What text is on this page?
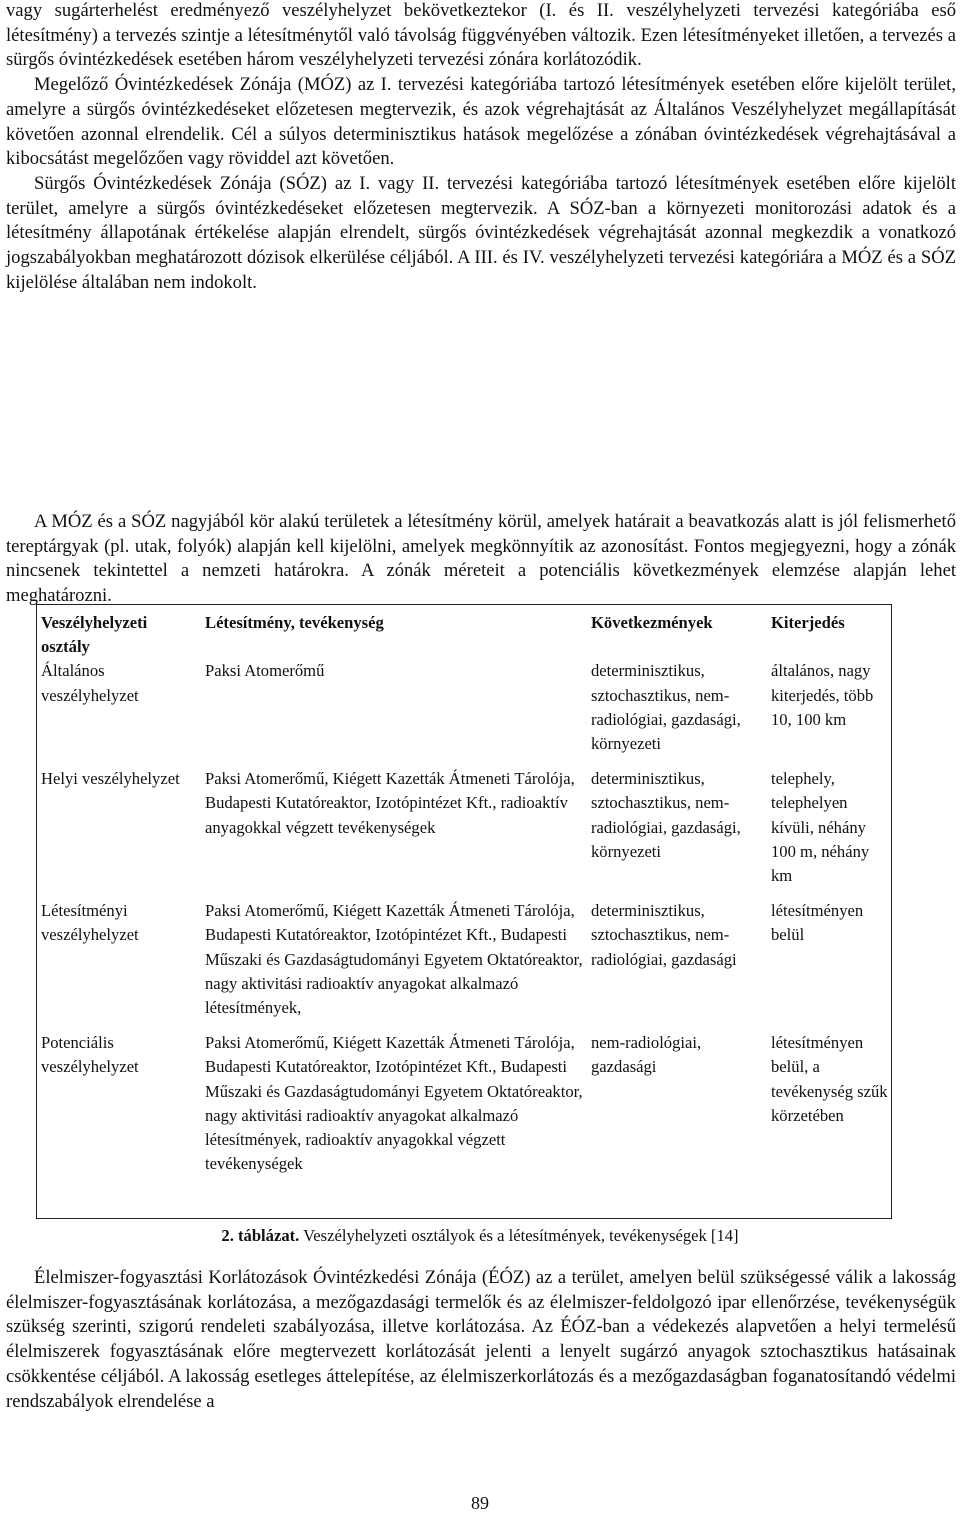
vagy sugárterhelést eredményező veszélyhelyzet bekövetkeztekor (I. és II. veszélyhelyzeti tervezési kategóriába eső létesítmény) a tervezés szintje a létesítménytől való távolság függvényében változik. Ezen létesítményeket illetően, a tervezés a sürgős óvintézkedések esetében három veszélyhelyzeti tervezési zónára korlátozódik.
Megelőző Óvintézkedések Zónája (MÓZ) az I. tervezési kategóriába tartozó létesítmények esetében előre kijelölt terület, amelyre a sürgős óvintézkedéseket előzetesen megtervezik, és azok végrehajtását az Általános Veszélyhelyzet megállapítását követően azonnal elrendelik. Cél a súlyos determinisztikus hatások megelőzése a zónában óvintézkedések végrehajtásával a kibocsátást megelőzően vagy röviddel azt követően.
Sürgős Óvintézkedések Zónája (SÓZ) az I. vagy II. tervezési kategóriába tartozó létesítmények esetében előre kijelölt terület, amelyre a sürgős óvintézkedéseket előzetesen megtervezik. A SÓZ-ban a környezeti monitorozási adatok és a létesítmény állapotának értékelése alapján elrendelt, sürgős óvintézkedések végrehajtását azonnal megkezdik a vonatkozó jogszabályokban meghatározott dózisok elkerülése céljából. A III. és IV. veszélyhelyzeti tervezési kategóriára a MÓZ és a SÓZ kijelölése általában nem indokolt.

A MÓZ és a SÓZ nagyjából kör alakú területek a létesítmény körül, amelyek határait a beavatkozás alatt is jól felismerhető tereptárgyak (pl. utak, folyók) alapján kell kijelölni, amelyek megkönnyítik az azonosítást. Fontos megjegyezni, hogy a zónák nincsenek tekintettel a nemzeti határokra. A zónák méreteit a potenciális következmények elemzése alapján lehet meghatározni.

Veszélyhelyzeti osztály	Létesítmény, tevékenység	Következmények	Kiterjedés
Általános veszélyhelyzet	Paksi Atomerőmű	determinisztikus, sztochasztikus, nem-radiológiai, gazdasági, környezeti	általános, nagy kiterjedés, több 10, 100 km
Helyi veszélyhelyzet	Paksi Atomerőmű, Kiégett Kazetták Átmeneti Tárolója, Budapesti Kutatóreaktor, Izotópintézet Kft., radioaktív anyagokkal végzett tevékenységek	determinisztikus, sztochasztikus, nem-radiológiai, gazdasági, környezeti	telephely, telephelyen kívüli, néhány 100 m, néhány km
Létesítményi veszélyhelyzet	Paksi Atomerőmű, Kiégett Kazetták Átmeneti Tárolója, Budapesti Kutatóreaktor, Izotópintézet Kft., Budapesti Műszaki és Gazdaságtudományi Egyetem Oktatóreaktor, nagy aktivitási radioaktív anyagokat alkalmazó létesítmények,	determinisztikus, sztochasztikus, nem-radiológiai, gazdasági	létesítményen belül
Potenciális veszélyhelyzet	Paksi Atomerőmű, Kiégett Kazetták Átmeneti Tárolója, Budapesti Kutatóreaktor, Izotópintézet Kft., Budapesti Műszaki és Gazdaságtudományi Egyetem Oktatóreaktor, nagy aktivitási radioaktív anyagokat alkalmazó létesítmények, radioaktív anyagokkal végzett tevékenységek	nem-radiológiai, gazdasági	létesítményen belül, a tevékenység szűk körzetében
2. táblázat. Veszélyhelyzeti osztályok és a létesítmények, tevékenységek [14]

Élelmiszer-fogyasztási Korlátozások Óvintézkedési Zónája (ÉÓZ) az a terület, amelyen belül szükségessé válik a lakosság élelmiszer-fogyasztásának korlátozása, a mezőgazdasági termelők és az élelmiszer-feldolgozó ipar ellenőrzése, tevékenységük szükség szerinti, szigorú rendeleti szabályozása, illetve korlátozása. Az ÉÓZ-ban a védekezés alapvetően a helyi termelésű élelmiszerek fogyasztásának előre megtervezett korlátozását jelenti a lenyelt sugárzó anyagok sztochasztikus hatásainak csökkentése céljából. A lakosság esetleges áttelepítése, az élelmiszerkorlátozás és a mezőgazdaságban foganatosítandó védelmi rendszabályok elrendelése a

89
